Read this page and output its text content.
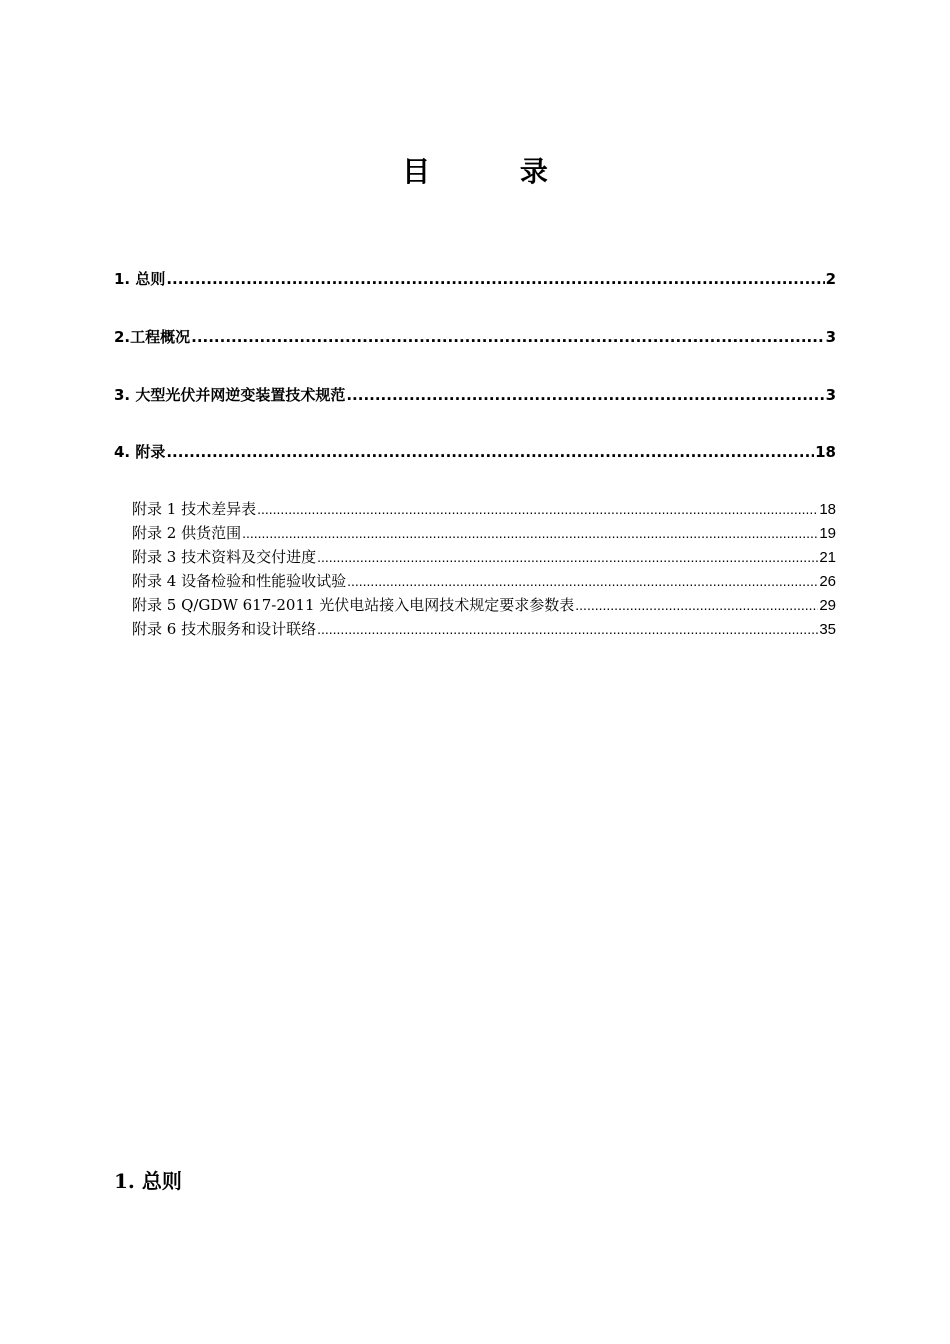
目 录
1. 总则 .....	2
2.工程概况 .....	3
3. 大型光伏并网逆变装置技术规范 .....	3
4. 附录 .....	18
附录 1 技术差异表 .....	18
附录 2 供货范围 .....	19
附录 3 技术资料及交付进度 .....	21
附录 4 设备检验和性能验收试验 .....	26
附录 5 Q/GDW 617-2011 光伏电站接入电网技术规定要求参数表 .....	29
附录 6 技术服务和设计联络 .....	35
1. 总则
